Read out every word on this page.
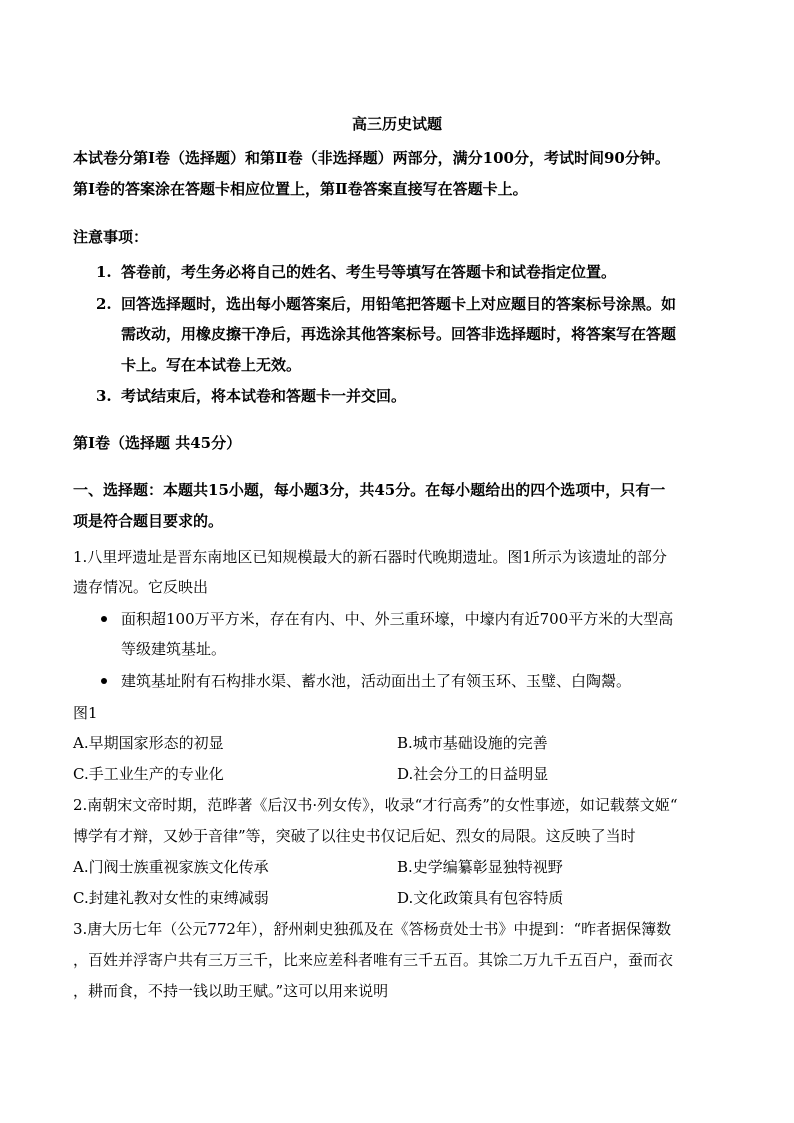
高三历史试题
本试卷分第Ⅰ卷（选择题）和第Ⅱ卷（非选择题）两部分，满分100分，考试时间90分钟。
第Ⅰ卷的答案涂在答题卡相应位置上，第Ⅱ卷答案直接写在答题卡上。
注意事项：
1. 答卷前，考生务必将自己的姓名、考生号等填写在答题卡和试卷指定位置。
2. 回答选择题时，选出每小题答案后，用铅笔把答题卡上对应题目的答案标号涂黑。如
需改动，用橡皮擦干净后，再选涂其他答案标号。回答非选择题时，将答案写在答题
卡上。写在本试卷上无效。
3. 考试结束后，将本试卷和答题卡一并交回。
第Ⅰ卷（选择题 共45分）
一、选择题：本题共15小题，每小题3分，共45分。在每小题给出的四个选项中，只有一
项是符合题目要求的。
1.八里坪遗址是晋东南地区已知规模最大的新石器时代晚期遗址。图1所示为该遗址的部分
遗存情况。它反映出
面积超100万平方米，存在有内、中、外三重环壕，中壕内有近700平方米的大型高
等级建筑基址。
建筑基址附有石构排水渠、蓄水池，活动面出土了有领玉环、玉璧、白陶鬶。
图1
A.早期国家形态的初显	B.城市基础设施的完善
C.手工业生产的专业化	D.社会分工的日益明显
2.南朝宋文帝时期，范晔著《后汉书·列女传》，收录“才行高秀”的女性事迹，如记载蔡文姬“
博学有才辩，又妙于音律”等，突破了以往史书仅记后妃、烈女的局限。这反映了当时
A.门阀士族重视家族文化传承	B.史学编纂彰显独特视野
C.封建礼教对女性的束缚减弱	D.文化政策具有包容特质
3.唐大历七年（公元772年），舒州刺史独孤及在《答杨贲处士书》中提到：“昨者据保簿数
，百姓并浮寄户共有三万三千，比来应差科者唯有三千五百。其馀二万九千五百户，蚕而衣
，耕而食，不持一钱以助王赋。”这可以用来说明
